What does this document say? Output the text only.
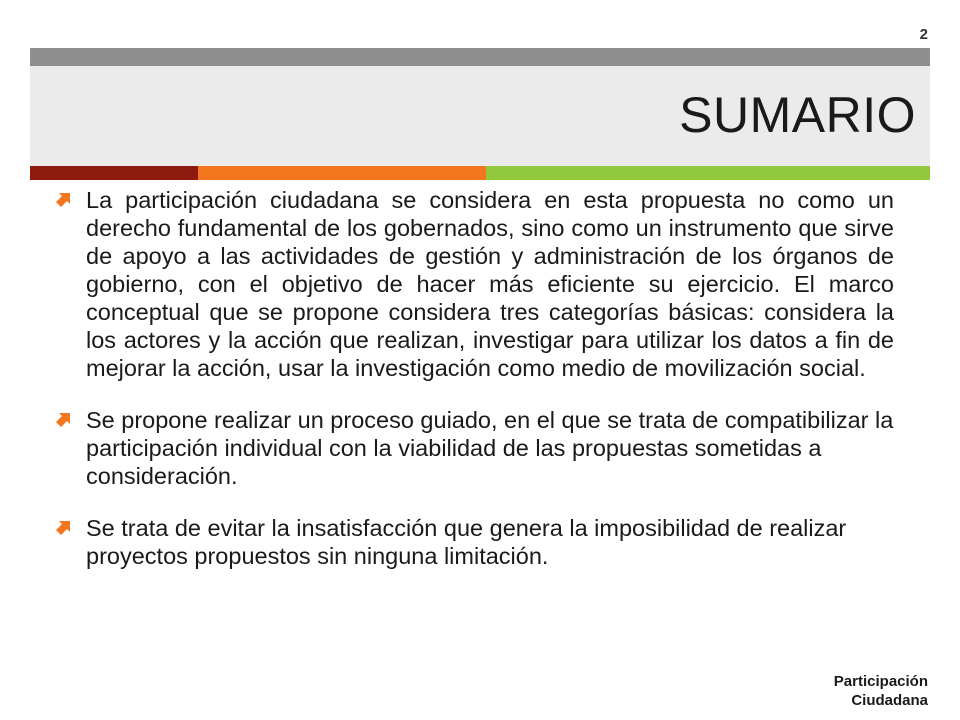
2
SUMARIO
La participación ciudadana se considera en esta propuesta no como un derecho fundamental de los gobernados, sino como un instrumento que sirve de apoyo a las actividades de gestión y administración de los órganos de gobierno, con el objetivo de hacer más eficiente su ejercicio. El marco conceptual que se propone considera tres categorías básicas: considera la los actores y la acción que realizan, investigar para utilizar los datos a fin de mejorar la acción, usar la investigación como medio de movilización social.
Se propone realizar un proceso guiado, en el que se trata de compatibilizar la participación individual con la viabilidad de las propuestas sometidas a consideración.
Se trata de evitar la insatisfacción que genera la imposibilidad de realizar proyectos propuestos sin ninguna limitación.
Participación
Ciudadana
